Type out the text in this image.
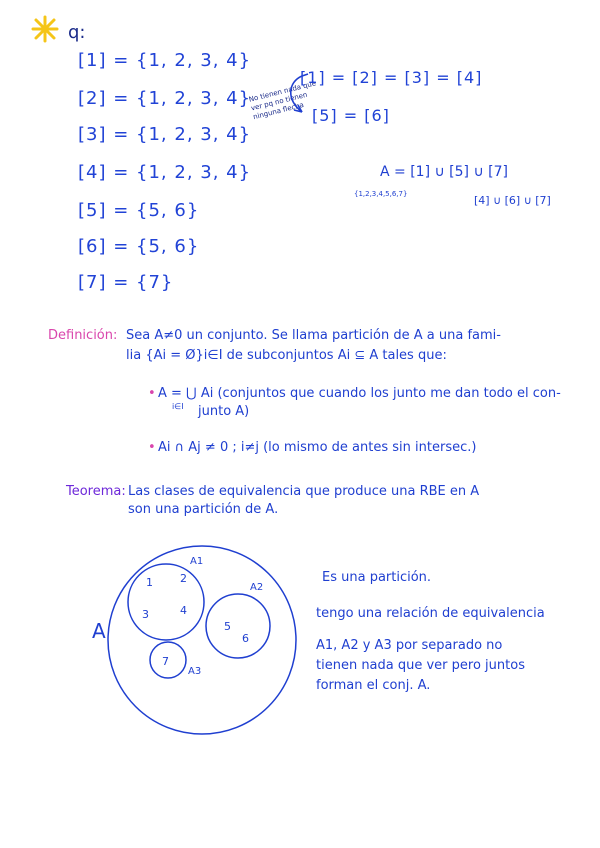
q:
[1] = {1, 2, 3, 4}
[2] = {1, 2, 3, 4}
[3] = {1, 2, 3, 4}
[4] = {1, 2, 3, 4}
[5] = {5, 6}
[6] = {5, 6}
[7] = {7}
No tienen nada que ver pq no tienen ninguna flecha
[1] = [2] = [3] = [4]
[5] = [6]
A = [1] ∪ [5] ∪ [7]
{1,2,3,4,5,6,7}	[4] ∪ [6] ∪ [7]
Definición: Sea A≠0 un conjunto. Se llama partición de A a una fami-
lia {Ai = Ø}i∈I de subconjuntos Ai ⊆ A tales que:
• A = ⋃ Ai (conjuntos que cuando los junto me dan todo el con-
i∈I junto A)
• Ai ∩ Aj ≠ 0 ; i≠j (lo mismo de antes sin intersec.)
Teorema: Las clases de equivalencia que produce una RBE en A
son una partición de A.
A
A1
A2
A3
1 2
3	4
5
6
7
Es una partición.
tengo una relación de equivalencia
A1, A2 y A3 por separado no
tienen nada que ver pero juntos
forman el conj. A.
